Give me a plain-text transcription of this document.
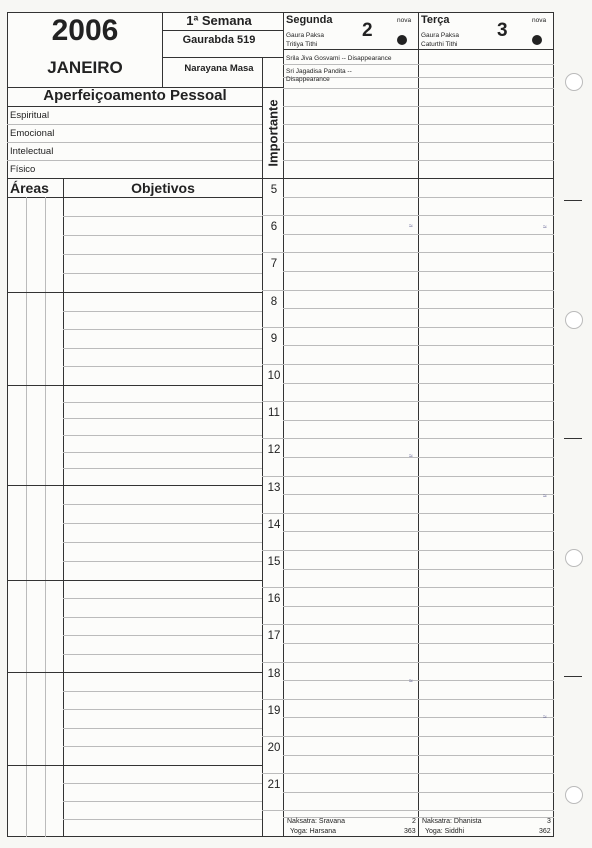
2006
JANEIRO
1ª Semana
Gaurabda 519
Narayana Masa
Aperfeiçoamento Pessoal
Espiritual
Emocional
Intelectual
Físico
Áreas	Objetivos
Importante
5
6
7
8
9
10
11
12
13
14
15
16
17
18
19
20
21
Segunda 2	nova
Gaura Paksa
Tritiya Tithi
Srila Jiva Gosvami -- Disappearance
Sri Jagadisa Pandita -- Disappearance
Terça 3	nova
Gaura Paksa
Caturthi Tithi
≈
≈
≈
≈
≈
≈
Naksatra: Sravana	2
Yoga: Harsana	363
Naksatra: Dhanista	3
Yoga: Siddhi	362
